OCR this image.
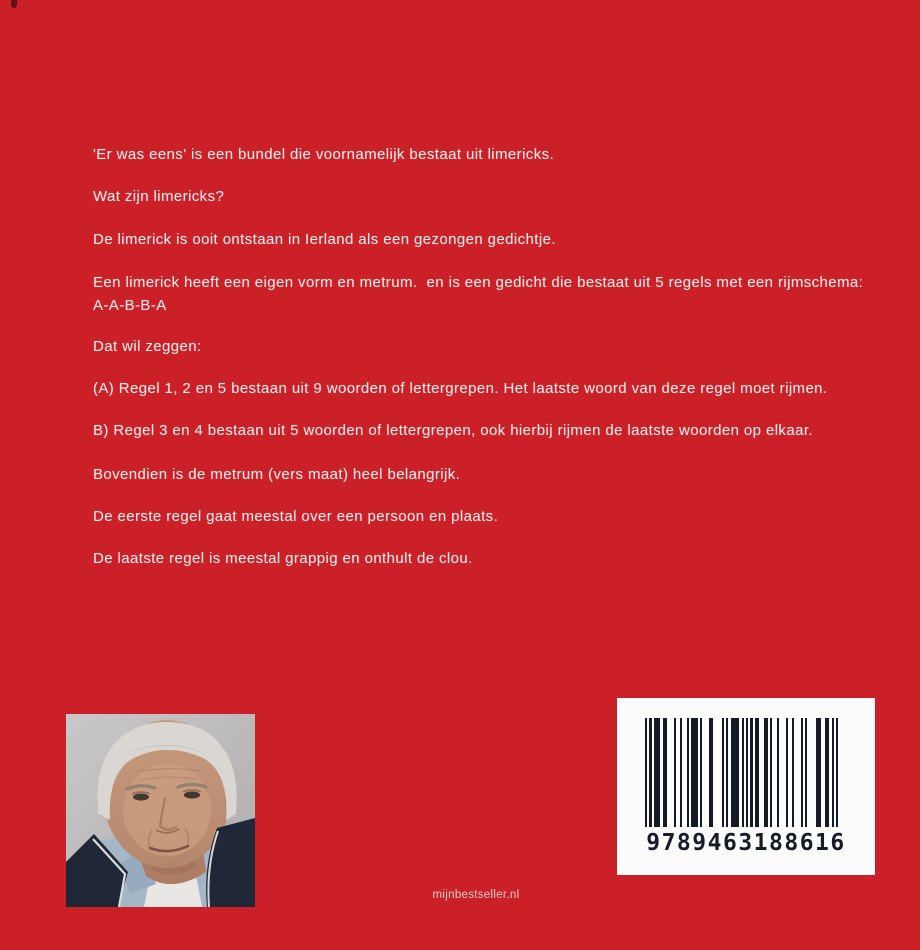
'Er was eens' is een bundel die voornamelijk bestaat uit limericks.

Wat zijn limericks?

De limerick is ooit ontstaan in Ierland als een gezongen gedichtje.

Een limerick heeft een eigen vorm en metrum.  en is een gedicht die bestaat uit 5 regels met een rijmschema:

A-A-B-B-A

Dat wil zeggen:

(A) Regel 1, 2 en 5 bestaan uit 9 woorden of lettergrepen. Het laatste woord van deze regel moet rijmen.

B) Regel 3 en 4 bestaan uit 5 woorden of lettergrepen, ook hierbij rijmen de laatste woorden op elkaar.

Bovendien is de metrum (vers maat) heel belangrijk.

De eerste regel gaat meestal over een persoon en plaats.

De laatste regel is meestal grappig en onthult de clou.

9789463188616
mijnbestseller.nl
